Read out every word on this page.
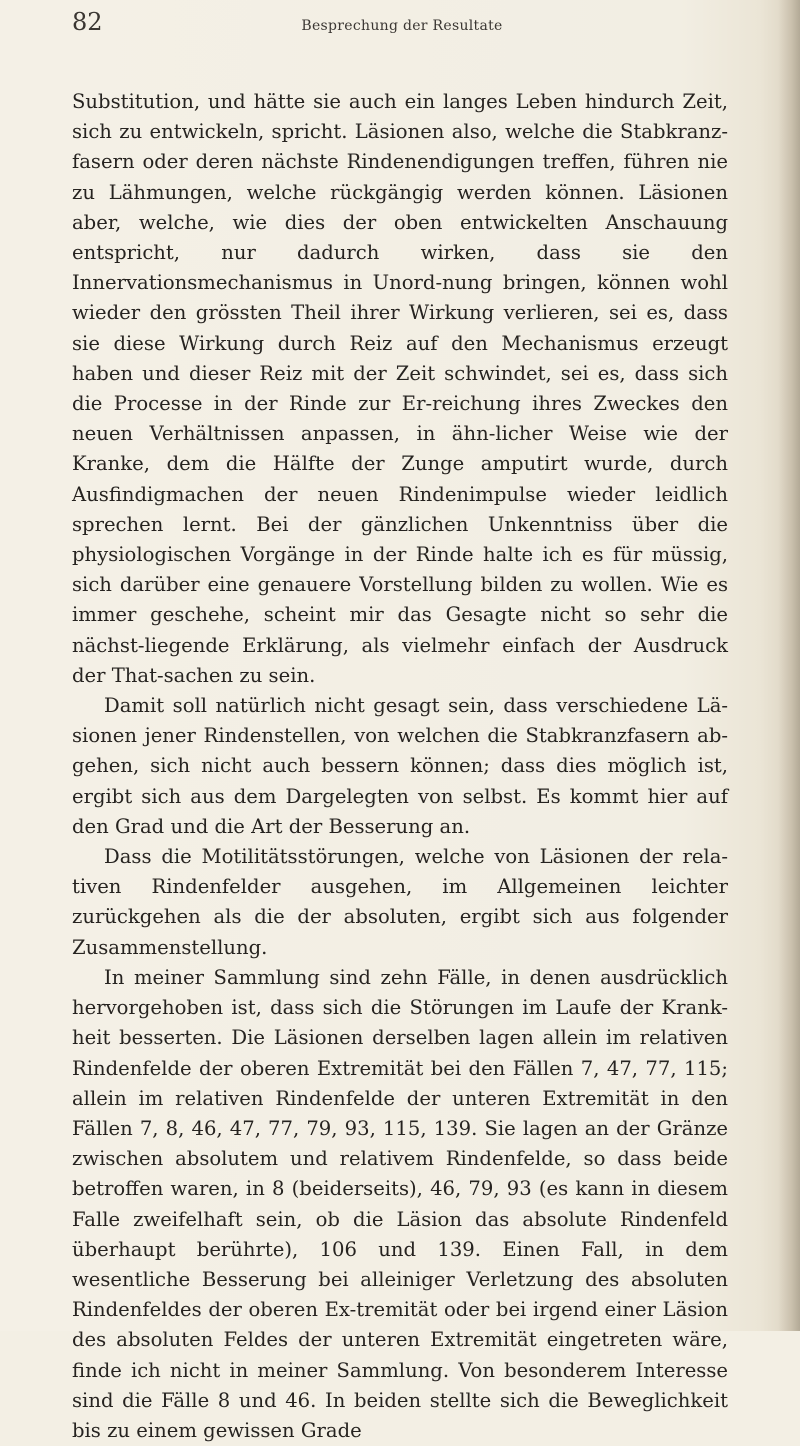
82	Besprechung der Resultate

Substitution, und hätte sie auch ein langes Leben hindurch Zeit, sich zu entwickeln, spricht. Läsionen also, welche die Stabkranz-fasern oder deren nächste Rindenendigungen treffen, führen nie zu Lähmungen, welche rückgängig werden können. Läsionen aber, welche, wie dies der oben entwickelten Anschauung entspricht, nur dadurch wirken, dass sie den Innervationsmechanismus in Unord-nung bringen, können wohl wieder den grössten Theil ihrer Wirkung verlieren, sei es, dass sie diese Wirkung durch Reiz auf den Mechanismus erzeugt haben und dieser Reiz mit der Zeit schwindet, sei es, dass sich die Processe in der Rinde zur Er-reichung ihres Zweckes den neuen Verhältnissen anpassen, in ähn-licher Weise wie der Kranke, dem die Hälfte der Zunge amputirt wurde, durch Ausfindigmachen der neuen Rindenimpulse wieder leidlich sprechen lernt. Bei der gänzlichen Unkenntniss über die physiologischen Vorgänge in der Rinde halte ich es für müssig, sich darüber eine genauere Vorstellung bilden zu wollen. Wie es immer geschehe, scheint mir das Gesagte nicht so sehr die nächst-liegende Erklärung, als vielmehr einfach der Ausdruck der That-sachen zu sein.

Damit soll natürlich nicht gesagt sein, dass verschiedene Lä-sionen jener Rindenstellen, von welchen die Stabkranzfasern ab-gehen, sich nicht auch bessern können; dass dies möglich ist, ergibt sich aus dem Dargelegten von selbst. Es kommt hier auf den Grad und die Art der Besserung an.

Dass die Motilitätsstörungen, welche von Läsionen der rela-tiven Rindenfelder ausgehen, im Allgemeinen leichter zurückgehen als die der absoluten, ergibt sich aus folgender Zusammenstellung.

In meiner Sammlung sind zehn Fälle, in denen ausdrücklich hervorgehoben ist, dass sich die Störungen im Laufe der Krank-heit besserten. Die Läsionen derselben lagen allein im relativen Rindenfelde der oberen Extremität bei den Fällen 7, 47, 77, 115; allein im relativen Rindenfelde der unteren Extremität in den Fällen 7, 8, 46, 47, 77, 79, 93, 115, 139. Sie lagen an der Gränze zwischen absolutem und relativem Rindenfelde, so dass beide betroffen waren, in 8 (beiderseits), 46, 79, 93 (es kann in diesem Falle zweifelhaft sein, ob die Läsion das absolute Rindenfeld überhaupt berührte), 106 und 139. Einen Fall, in dem wesentliche Besserung bei alleiniger Verletzung des absoluten Rindenfeldes der oberen Ex-tremität oder bei irgend einer Läsion des absoluten Feldes der unteren Extremität eingetreten wäre, finde ich nicht in meiner Sammlung. Von besonderem Interesse sind die Fälle 8 und 46. In beiden stellte sich die Beweglichkeit bis zu einem gewissen Grade
